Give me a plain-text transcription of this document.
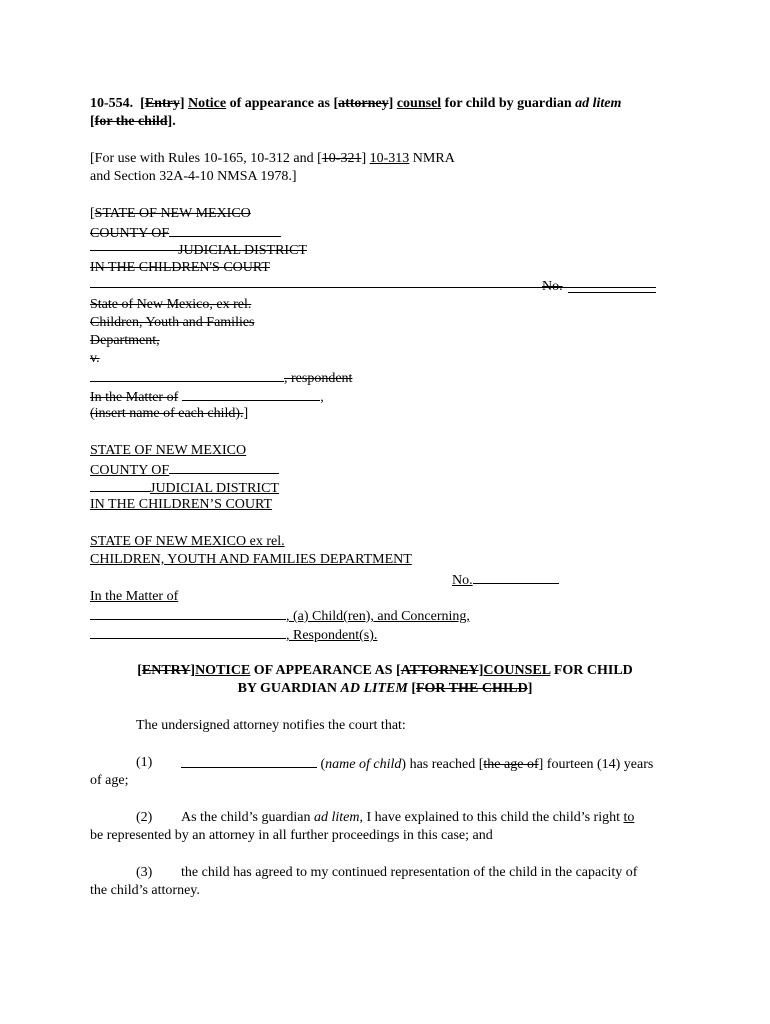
10-554.  [Entry] Notice of appearance as [attorney] counsel for child by guardian ad litem
[for the child].
[For use with Rules 10-165, 10-312 and [10-321] 10-313 NMRA
and Section 32A-4-10 NMSA 1978.]
[STATE OF NEW MEXICO
COUNTY OF
JUDICIAL DISTRICT
IN THE CHILDREN'S COURT
No.
State of New Mexico, ex rel.
Children, Youth and Families
Department,
v.
, respondent
In the Matter of	,
(insert name of each child).]
STATE OF NEW MEXICO
COUNTY OF
JUDICIAL DISTRICT
IN THE CHILDREN’S COURT
STATE OF NEW MEXICO ex rel.
CHILDREN, YOUTH AND FAMILIES DEPARTMENT
No.
In the Matter of
, (a) Child(ren), and Concerning,
, Respondent(s).
[ENTRY]NOTICE OF APPEARANCE AS [ATTORNEY]COUNSEL FOR CHILD
BY GUARDIAN AD LITEM [FOR THE CHILD]
The undersigned attorney notifies the court that:
(1)	(name of child) has reached [the age of] fourteen (14) years
of age;
(2) As the child’s guardian ad litem, I have explained to this child the child’s right to
be represented by an attorney in all further proceedings in this case; and
(3) the child has agreed to my continued representation of the child in the capacity of
the child’s attorney.
